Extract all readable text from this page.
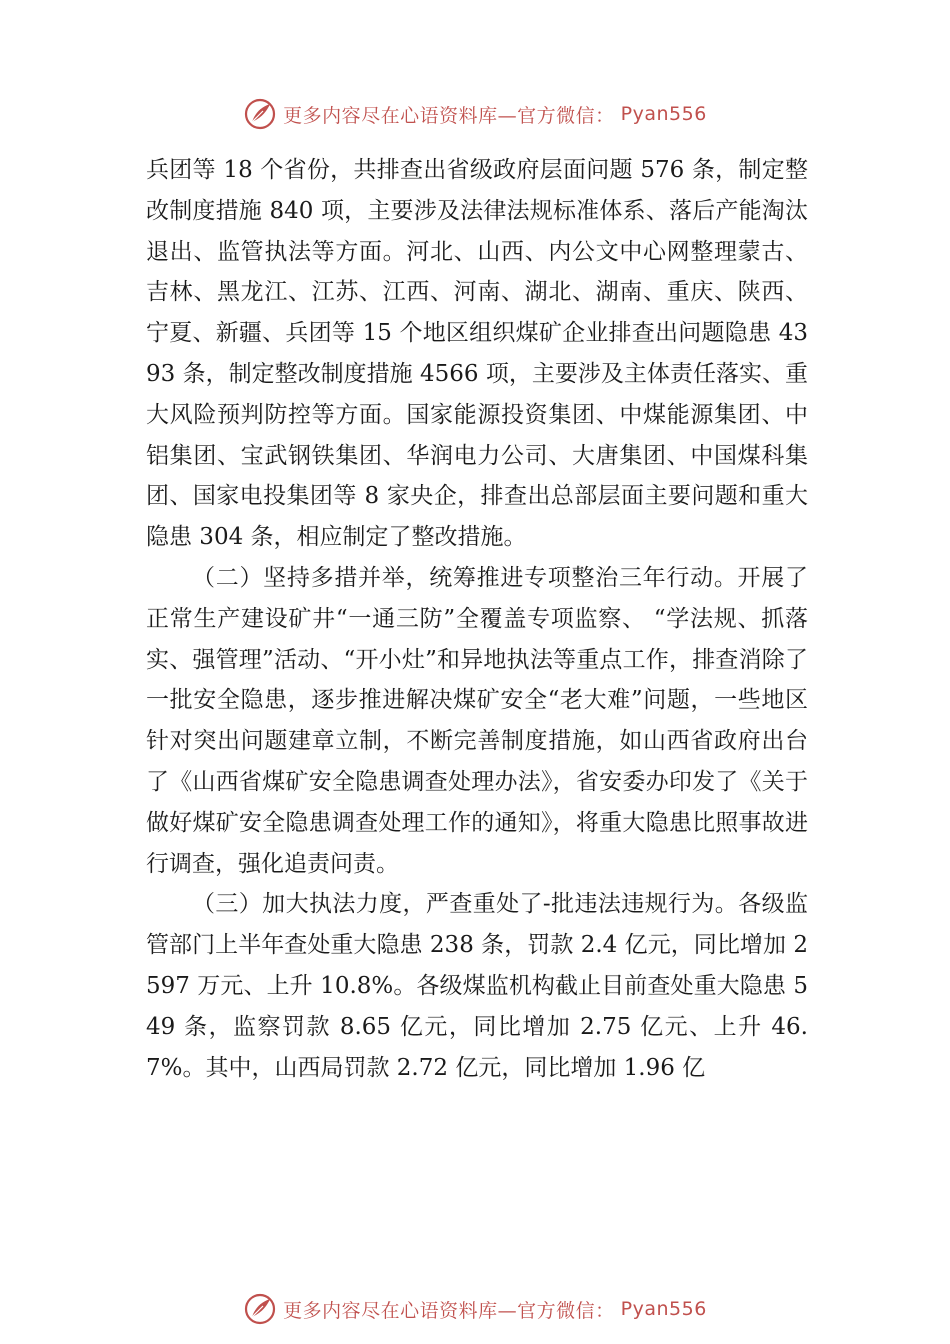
更多内容尽在心语资料库—官方微信： Pyan556

兵团等 18 个省份，共排查出省级政府层面问题 576 条，制定整改制度措施 840 项，主要涉及法律法规标准体系、落后产能淘汰退出、监管执法等方面。河北、山西、内公文中心网整理蒙古、吉林、黑龙江、江苏、江西、河南、湖北、湖南、重庆、陕西、宁夏、新疆、兵团等 15 个地区组织煤矿企业排查出问题隐患 4393 条，制定整改制度措施 4566 项，主要涉及主体责任落实、重大风险预判防控等方面。国家能源投资集团、中煤能源集团、中铝集团、宝武钢铁集团、华润电力公司、大唐集团、中国煤科集团、国家电投集团等 8 家央企，排查出总部层面主要问题和重大隐患 304 条，相应制定了整改措施。

（二）坚持多措并举，统筹推进专项整治三年行动。开展了正常生产建设矿井“一通三防”全覆盖专项监察、 “学法规、抓落实、强管理”活动、“开小灶”和异地执法等重点工作，排查消除了一批安全隐患，逐步推进解决煤矿安全“老大难”问题，一些地区针对突出问题建章立制，不断完善制度措施，如山西省政府出台了《山西省煤矿安全隐患调查处理办法》，省安委办印发了《关于做好煤矿安全隐患调查处理工作的通知》，将重大隐患比照事故进行调查，强化追责问责。

（三）加大执法力度，严查重处了-批违法违规行为。各级监管部门上半年查处重大隐患 238 条，罚款 2.4 亿元，同比增加 2597 万元、上升 10.8%。各级煤监机构截止目前查处重大隐患 549 条，监察罚款 8.65 亿元，同比增加 2.75 亿元、上升 46.7%。其中，山西局罚款 2.72 亿元，同比增加 1.96 亿

更多内容尽在心语资料库—官方微信： Pyan556
